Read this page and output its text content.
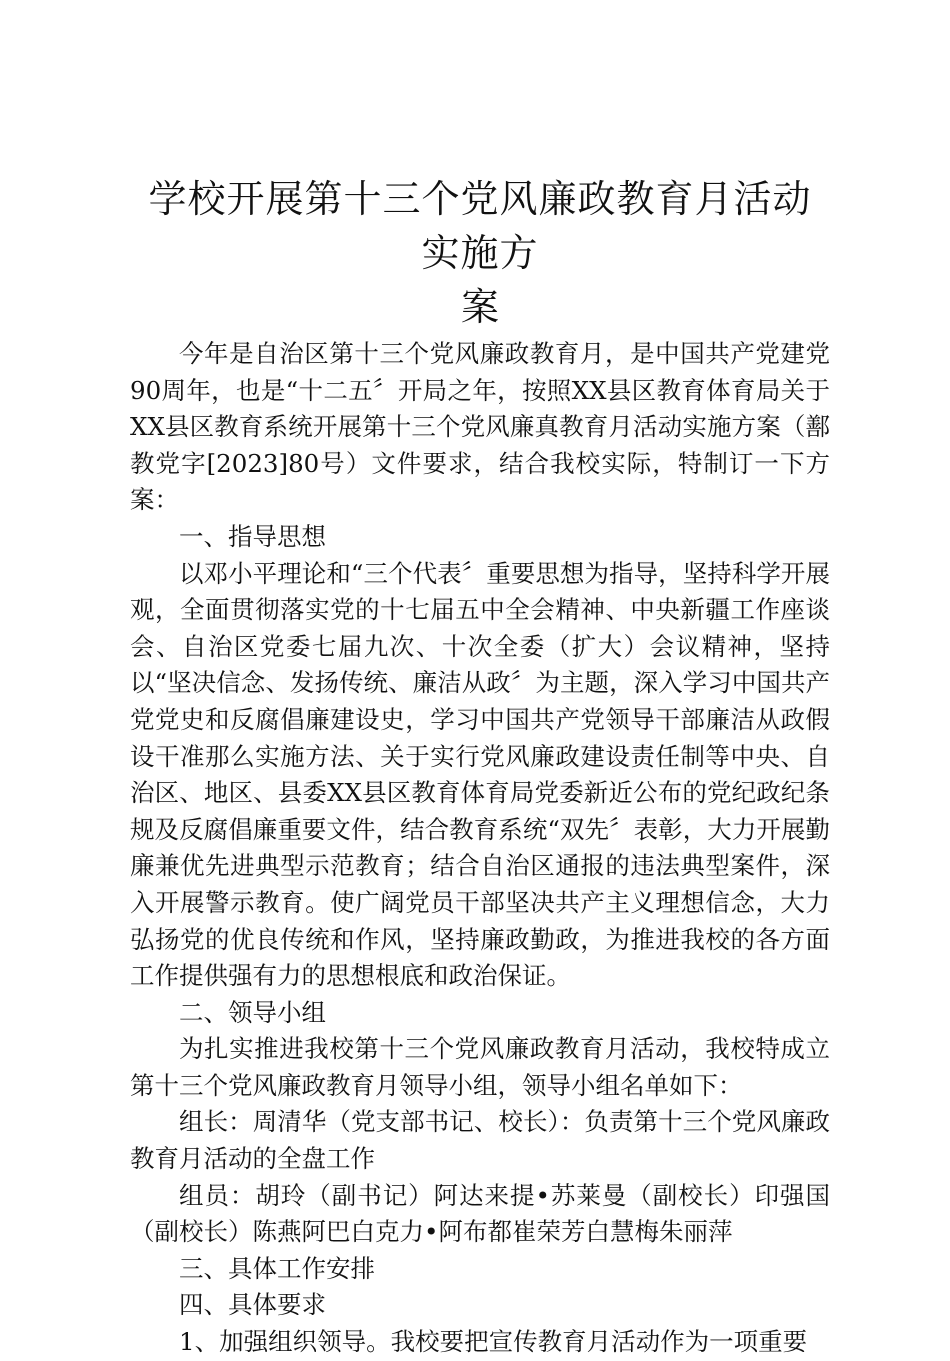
学校开展第十三个党风廉政教育月活动实施方
案

今年是自治区第十三个党风廉政教育月，是中国共产党建党90周年，也是“十二五〞开局之年，按照XX县区教育体育局关于XX县区教育系统开展第十三个党风廉真教育月活动实施方案（鄯教党字[2023]80号）文件要求，结合我校实际，特制订一下方案：

一、指导思想

以邓小平理论和“三个代表〞重要思想为指导，坚持科学开展观，全面贯彻落实党的十七届五中全会精神、中央新疆工作座谈会、自治区党委七届九次、十次全委（扩大）会议精神，坚持以“坚决信念、发扬传统、廉洁从政〞为主题，深入学习中国共产党党史和反腐倡廉建设史，学习中国共产党领导干部廉洁从政假设干准那么实施方法、关于实行党风廉政建设责任制等中央、自治区、地区、县委XX县区教育体育局党委新近公布的党纪政纪条规及反腐倡廉重要文件，结合教育系统“双先〞表彰，大力开展勤廉兼优先进典型示范教育；结合自治区通报的违法典型案件，深入开展警示教育。使广阔党员干部坚决共产主义理想信念，大力弘扬党的优良传统和作风，坚持廉政勤政，为推进我校的各方面工作提供强有力的思想根底和政治保证。

二、领导小组

为扎实推进我校第十三个党风廉政教育月活动，我校特成立第十三个党风廉政教育月领导小组，领导小组名单如下：

组长：周清华（党支部书记、校长）：负责第十三个党风廉政教育月活动的全盘工作

组员：胡玲（副书记）阿达来提•苏莱曼（副校长）印强国（副校长）陈燕阿巴白克力•阿布都崔荣芳白慧梅朱丽萍

三、具体工作安排

四、具体要求

1、加强组织领导。我校要把宣传教育月活动作为一项重要
